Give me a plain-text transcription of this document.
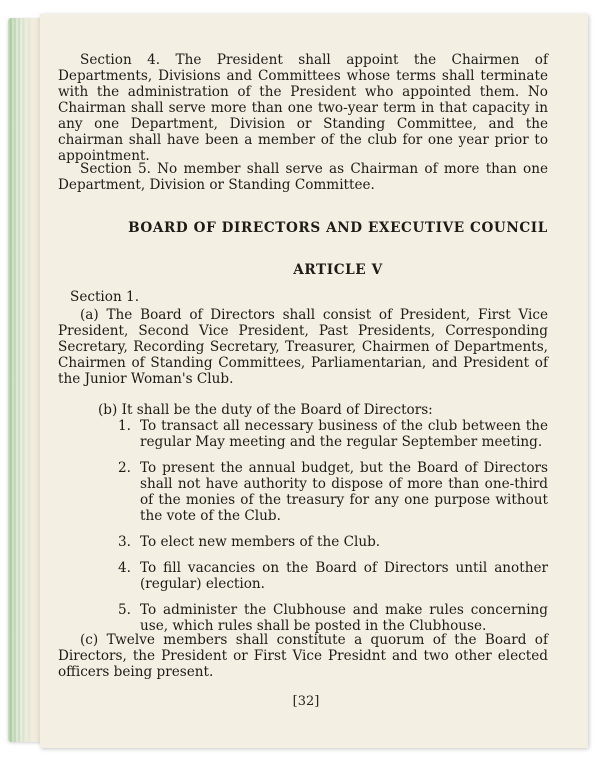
Section 4. The President shall appoint the Chairmen of Departments, Divisions and Committees whose terms shall terminate with the administration of the President who appointed them. No Chairman shall serve more than one two-year term in that capacity in any one Department, Division or Standing Committee, and the chairman shall have been a member of the club for one year prior to appointment.

Section 5. No member shall serve as Chairman of more than one Department, Division or Standing Committee.

BOARD OF DIRECTORS AND EXECUTIVE COUNCIL

ARTICLE V

Section 1.

(a) The Board of Directors shall consist of President, First Vice President, Second Vice President, Past Presidents, Corresponding Secretary, Recording Secretary, Treasurer, Chairmen of Departments, Chairmen of Standing Committees, Parliamentarian, and President of the Junior Woman's Club.

(b) It shall be the duty of the Board of Directors:

1. To transact all necessary business of the club between the regular May meeting and the regular September meeting.
2. To present the annual budget, but the Board of Directors shall not have authority to dispose of more than one-third of the monies of the treasury for any one purpose without the vote of the Club.
3. To elect new members of the Club.
4. To fill vacancies on the Board of Directors until another (regular) election.
5. To administer the Clubhouse and make rules concerning use, which rules shall be posted in the Clubhouse.

(c) Twelve members shall constitute a quorum of the Board of Directors, the President or First Vice Presidnt and two other elected officers being present.

[32]
